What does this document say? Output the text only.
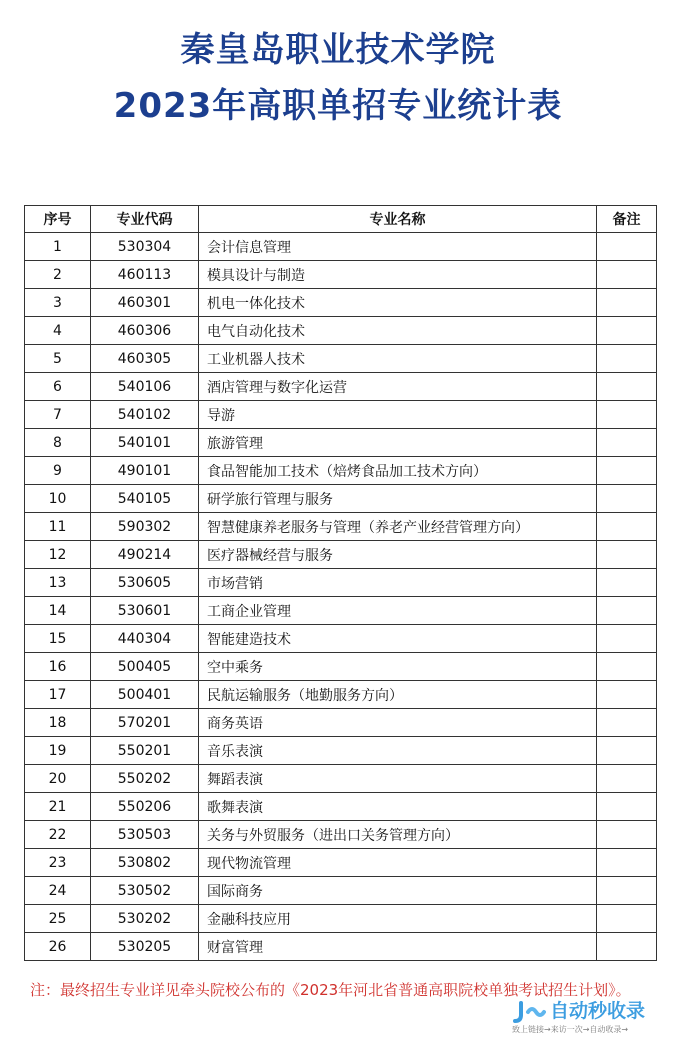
秦皇岛职业技术学院
2023年高职单招专业统计表
序号	专业代码	专业名称	备注
1	530304	会计信息管理	
2	460113	模具设计与制造	
3	460301	机电一体化技术	
4	460306	电气自动化技术	
5	460305	工业机器人技术	
6	540106	酒店管理与数字化运营	
7	540102	导游	
8	540101	旅游管理	
9	490101	食品智能加工技术（焙烤食品加工技术方向）	
10	540105	研学旅行管理与服务	
11	590302	智慧健康养老服务与管理（养老产业经营管理方向）	
12	490214	医疗器械经营与服务	
13	530605	市场营销	
14	530601	工商企业管理	
15	440304	智能建造技术	
16	500405	空中乘务	
17	500401	民航运输服务（地勤服务方向）	
18	570201	商务英语	
19	550201	音乐表演	
20	550202	舞蹈表演	
21	550206	歌舞表演	
22	530503	关务与外贸服务（进出口关务管理方向）	
23	530802	现代物流管理	
24	530502	国际商务	
25	530202	金融科技应用	
26	530205	财富管理	
注：最终招生专业详见牵头院校公布的《2023年河北省普通高职院校单独考试招生计划》。
自动秒收录
致上链接→来访一次→自动收录→
